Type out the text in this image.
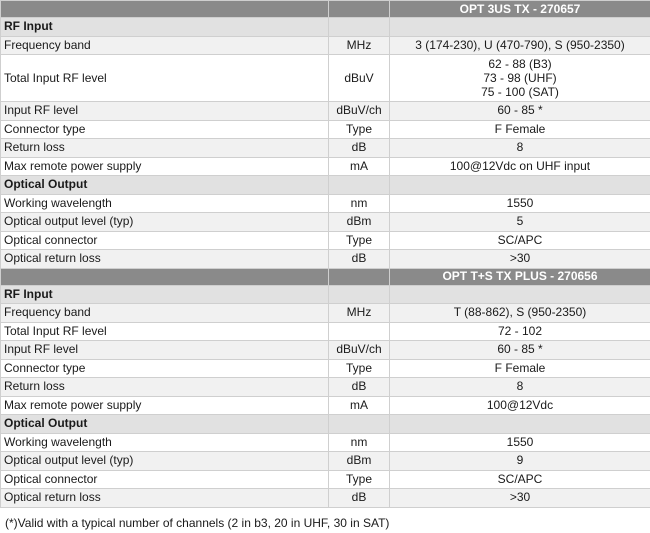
		OPT 3US TX - 270657
RF Input		
Frequency band	MHz	3 (174-230), U (470-790), S (950-2350)
Total Input RF level	dBuV	62 - 88 (B3)
73 - 98 (UHF)
75 - 100 (SAT)

Input RF level	dBuV/ch	60 - 85 *
Connector type	Type	F Female
Return loss	dB	8
Max remote power supply	mA	100@12Vdc on UHF input
Optical Output		
Working wavelength	nm	1550
Optical output level (typ)	dBm	5
Optical connector	Type	SC/APC
Optical return loss	dB	>30
		OPT T+S TX PLUS - 270656
RF Input		
Frequency band	MHz	T (88-862), S (950-2350)
Total Input RF level		72 - 102
Input RF level	dBuV/ch	60 - 85 *
Connector type	Type	F Female
Return loss	dB	8
Max remote power supply	mA	100@12Vdc
Optical Output		
Working wavelength	nm	1550
Optical output level (typ)	dBm	9
Optical connector	Type	SC/APC
Optical return loss	dB	>30
(*)Valid with a typical number of channels (2 in b3, 20 in UHF, 30 in SAT)
